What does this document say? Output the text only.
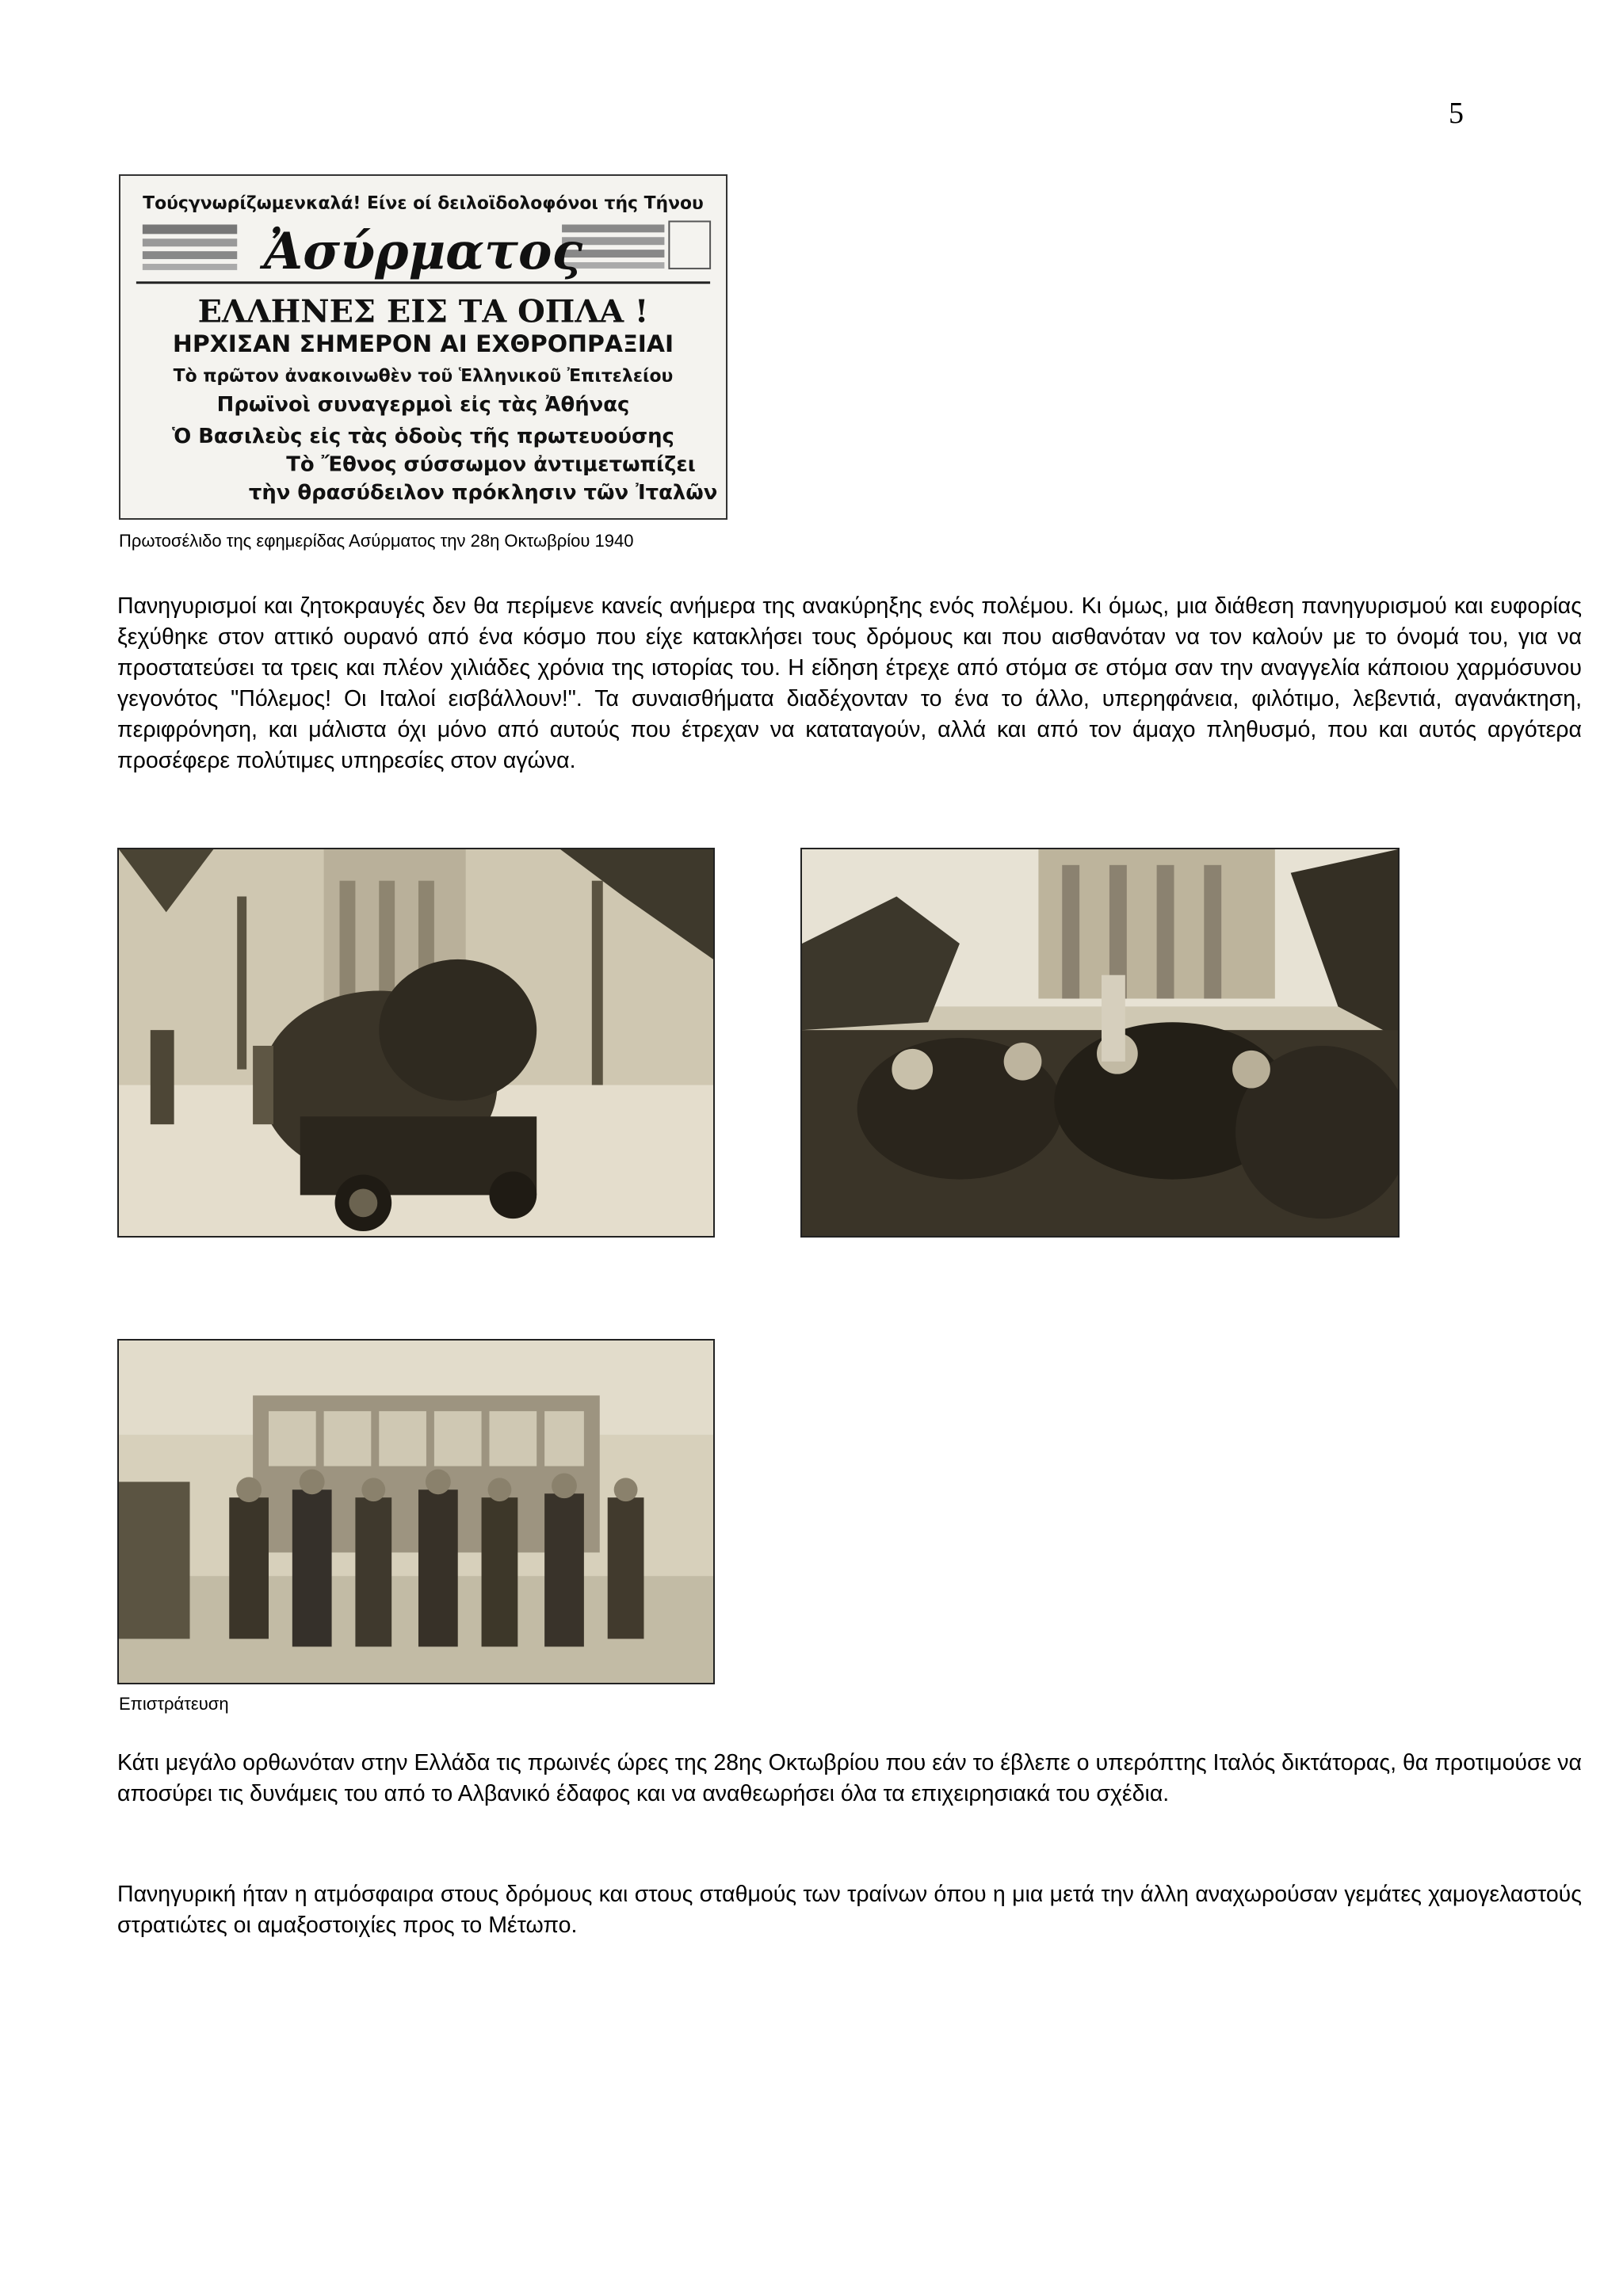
5
Τούςγνωρίζωμενκαλά! Είνε οί δειλοϊδολοφόνοι τής Τήνου
Ἀσύρματος
ΕΛΛΗΝΕΣ ΕΙΣ ΤΑ ΟΠΛΑ !
ΗΡΧΙΣΑΝ ΣΗΜΕΡΟΝ ΑΙ ΕΧΘΡΟΠΡΑΞΙΑΙ
Τὸ πρῶτον ἀνακοινωθὲν τοῦ Ἑλληνικοῦ Ἐπιτελείου
Πρωϊνοὶ συναγερμοὶ εἰς τὰς Ἀθήνας
Ὁ Βασιλεὺς εἰς τὰς ὁδοὺς τῆς πρωτευούσης
Τὸ Ἔθνος σύσσωμον ἀντιμετωπίζει
τὴν θρασύδειλον πρόκλησιν τῶν Ἰταλῶν
Πρωτοσέλιδο της εφημερίδας Ασύρματος την 28η Οκτωβρίου 1940

Πανηγυρισμοί και ζητοκραυγές δεν θα περίμενε κανείς ανήμερα της ανακύρηξης ενός πολέμου. Κι όμως, μια διάθεση πανηγυρισμού και ευφορίας ξεχύθηκε στον αττικό ουρανό από ένα κόσμο που είχε κατακλήσει τους δρόμους και που αισθανόταν να τον καλούν με το όνομά του, για να προστατεύσει τα τρεις και πλέον χιλιάδες χρόνια της ιστορίας του. Η είδηση έτρεχε από στόμα σε στόμα σαν την αναγγελία κάποιου χαρμόσυνου γεγονότος "Πόλεμος! Οι Ιταλοί εισβάλλουν!". Τα συναισθήματα διαδέχονταν το ένα το άλλο, υπερηφάνεια, φιλότιμο, λεβεντιά, αγανάκτηση, περιφρόνηση, και μάλιστα όχι μόνο από αυτούς που έτρεχαν να καταταγούν, αλλά και από τον άμαχο πληθυσμό, που και αυτός αργότερα προσέφερε πολύτιμες υπηρεσίες στον αγώνα.

Επιστράτευση

Κάτι μεγάλο ορθωνόταν στην Ελλάδα τις πρωινές ώρες της 28ης Οκτωβρίου που εάν το έβλεπε ο υπερόπτης Ιταλός δικτάτορας, θα προτιμούσε να αποσύρει τις δυνάμεις του από το Αλβανικό έδαφος και να αναθεωρήσει όλα τα επιχειρησιακά του σχέδια.

Πανηγυρική ήταν η ατμόσφαιρα στους δρόμους και στους σταθμούς των τραίνων όπου η μια μετά την άλλη αναχωρούσαν γεμάτες χαμογελαστούς στρατιώτες οι αμαξοστοιχίες προς το Μέτωπο.
